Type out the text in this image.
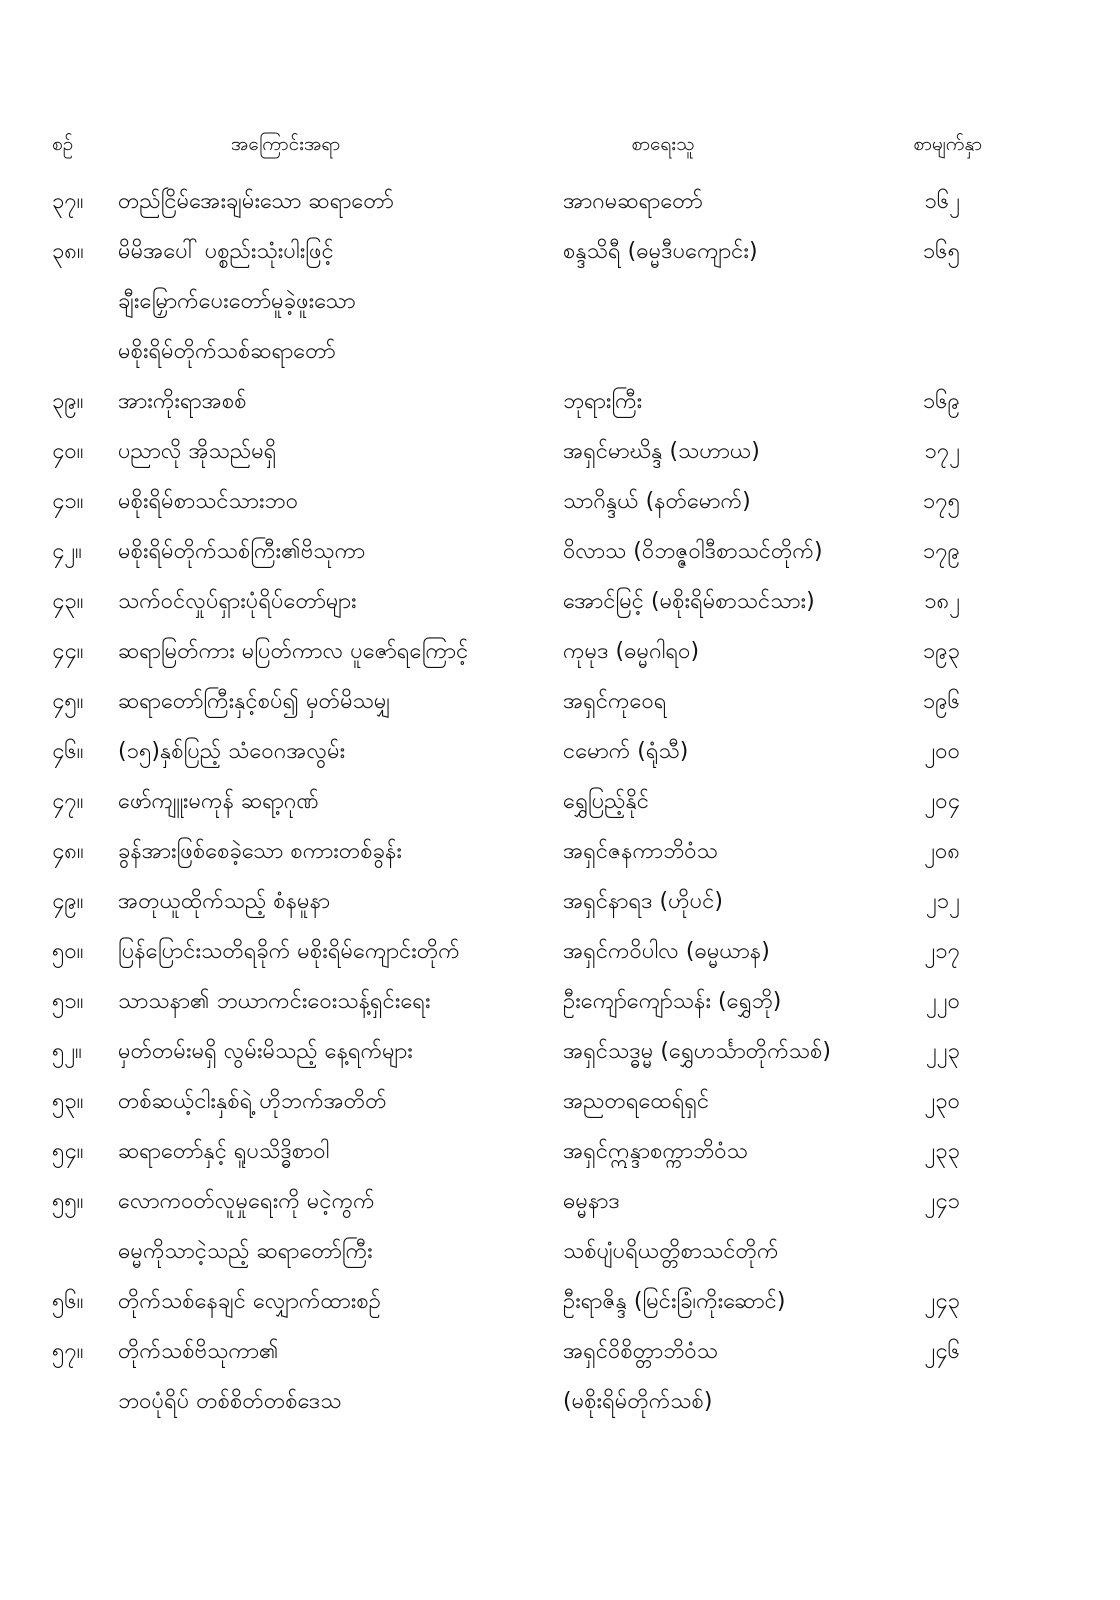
စဉ်	အကြောင်းအရာ	စာရေးသူ	စာမျက်နှာ
၃၇။	တည်ငြိမ်အေးချမ်းသော ဆရာတော်	အာဂမဆရာတော်	၁၆၂
၃၈။	မိမိအပေါ် ပစ္စည်းသုံးပါးဖြင့်	စန္ဒသိရီ (ဓမ္မဒီပကျောင်း)	၁၆၅
ချီးမြှောက်ပေးတော်မူခဲ့ဖူးသော
မစိုးရိမ်တိုက်သစ်ဆရာတော်
၃၉။	အားကိုးရာအစစ်	ဘုရားကြီး	၁၆၉
၄၀။	ပညာလို အိုသည်မရှိ	အရှင်မာဃိန္ဒ (သဟာယ)	၁၇၂
၄၁။	မစိုးရိမ်စာသင်သားဘဝ	သာဂိန္ဒယ် (နတ်မောက်)	၁၇၅
၄၂။	မစိုးရိမ်တိုက်သစ်ကြီး၏ဗိသုကာ	ဝိလာသ (ဝိဘဇ္ဇဝါဒီစာသင်တိုက်)	၁၇၉
၄၃။	သက်ဝင်လှုပ်ရှားပုံရိပ်တော်များ	အောင်မြင့် (မစိုးရိမ်စာသင်သား)	၁၈၂
၄၄။	ဆရာမြတ်ကား မပြတ်ကာလ ပူဇော်ရကြောင့်	ကုမုဒ (ဓမ္မဂါရဝ)	၁၉၃
၄၅။	ဆရာတော်ကြီးနှင့်စပ်၍ မှတ်မိသမျှ	အရှင်ကုဝေရ	၁၉၆
၄၆။	(၁၅)နှစ်ပြည့် သံဝေဂအလွမ်း	ငမောက် (ရုံသီ)	၂၀၀
၄၇။	ဖော်ကျူးမကုန် ဆရာ့ဂုဏ်	ရွှေပြည့်နိုင်	၂၀၄
၄၈။	ခွန်အားဖြစ်စေခဲ့သော စကားတစ်ခွန်း	အရှင်ဇနကာဘိဝံသ	၂၀၈
၄၉။	အတုယူထိုက်သည့် စံနမူနာ	အရှင်နာရဒ (ဟိုပင်)	၂၁၂
၅၀။	ပြန်ပြောင်းသတိရခိုက် မစိုးရိမ်ကျောင်းတိုက်	အရှင်ကဝိပါလ (ဓမ္မယာန)	၂၁၇
၅၁။	သာသနာ၏ ဘယာကင်းဝေးသန့်ရှင်းရေး	ဦးကျော်ကျော်သန်း (ရွှေဘို)	၂၂၀
၅၂။	မှတ်တမ်းမရှိ လွမ်းမိသည့် နေ့ရက်များ	အရှင်သဒ္ဓမ္မ (ရွှေဟင်္သာတိုက်သစ်)	၂၂၃
၅၃။	တစ်ဆယ့်ငါးနှစ်ရဲ့ ဟိုဘက်အတိတ်	အညတရထေရ်ရှင်	၂၃၀
၅၄။	ဆရာတော်နှင့် ရူပသိဒ္ဓိစာဝါ	အရှင်ဣန္ဒာစက္ကာဘိဝံသ	၂၃၃
၅၅။	လောကဝတ်လူမှုရေးကို မငဲ့ကွက်	ဓမ္မနာဒ	၂၄၁
ဓမ္မကိုသာငဲ့သည့် ဆရာတော်ကြီး	သစ်ပျံပရိယတ္တိစာသင်တိုက်
၅၆။	တိုက်သစ်နေချင် လျှောက်ထားစဉ်	ဦးရာဇိန္ဒ (မြင်းခြံ၊ကိုးဆောင်)	၂၄၃
၅၇။	တိုက်သစ်ဗိသုကာ၏	အရှင်ဝိစိတ္တာဘိဝံသ	၂၄၆
ဘဝပုံရိပ် တစ်စိတ်တစ်ဒေသ	(မစိုးရိမ်တိုက်သစ်)
